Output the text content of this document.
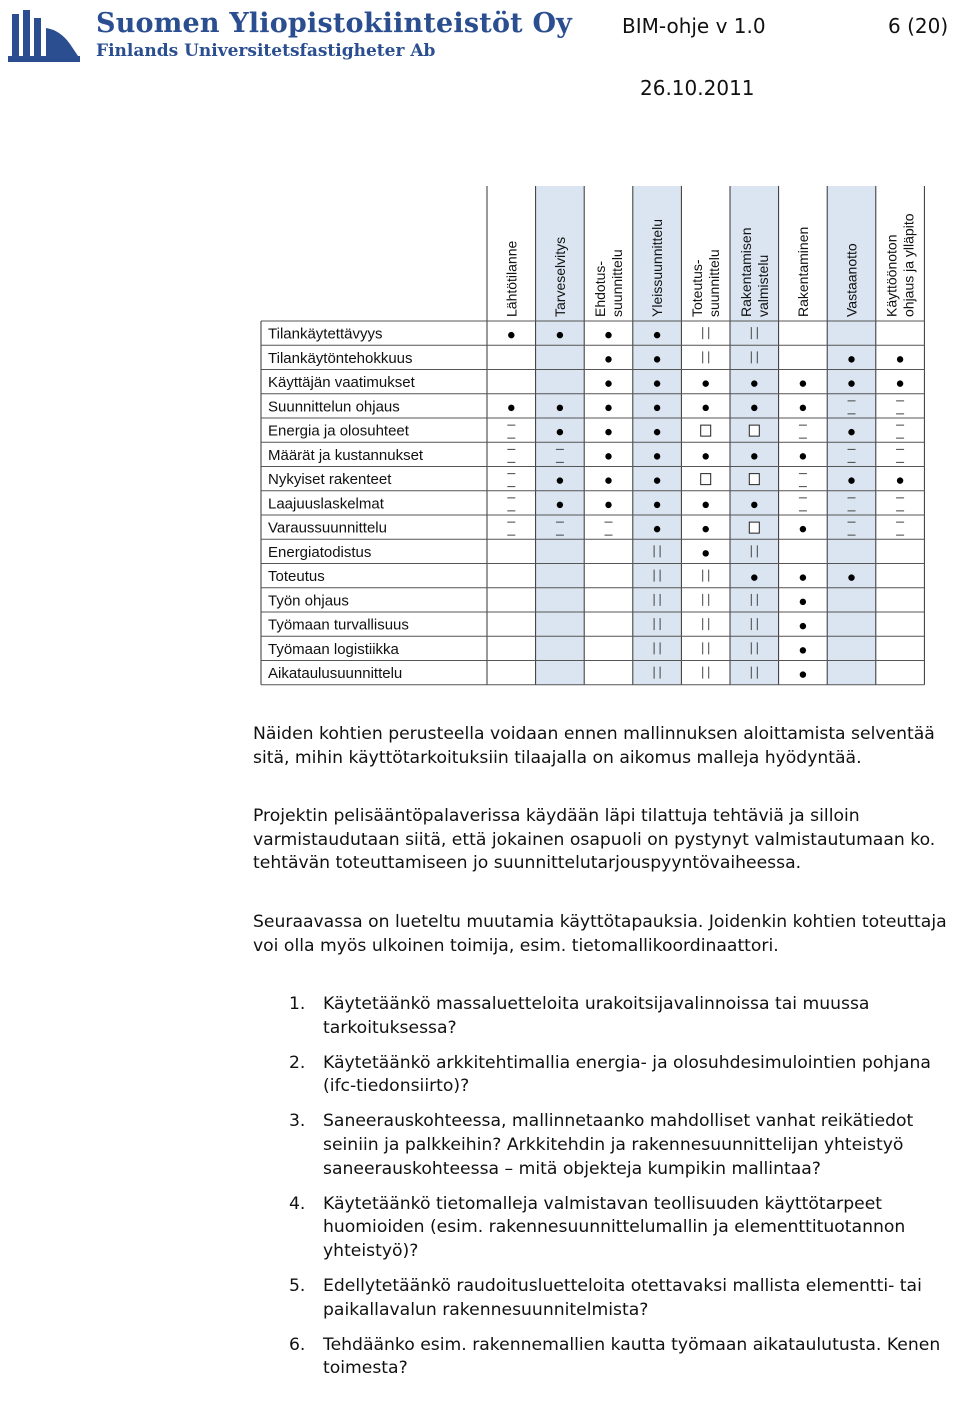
Suomen Yliopistokiinteistöt Oy
Finlands Universitetsfastigheter Ab
BIM-ohje v 1.0	6 (20)
26.10.2011
Lähtötilanne Tarveselvitys Ehdotus- suunnittelu Yleissuunnittelu Toteutus- suunnittelu Rakentamisen valmistelu Rakentaminen Vastaanotto Käyttöönoton ohjaus ja ylläpito
Tilankäytettävyys
Tilankäytöntehokkuus
Käyttäjän vaatimukset
Suunnittelun ohjaus
Energia ja olosuhteet
Määrät ja kustannukset
Nykyiset rakenteet
Laajuuslaskelmat
Varaussuunnittelu
Energiatodistus
Toteutus
Työn ohjaus
Työmaan turvallisuus
Työmaan logistiikka
Aikataulusuunnittelu

Näiden kohtien perusteella voidaan ennen mallinnuksen aloittamista selventää sitä, mihin käyttötarkoituksiin tilaajalla on aikomus malleja hyödyntää.

Projektin pelisääntöpalaverissa käydään läpi tilattuja tehtäviä ja silloin varmistaudutaan siitä, että jokainen osapuoli on pystynyt valmistautumaan ko. tehtävän toteuttamiseen jo suunnittelutarjouspyyntövaiheessa.

Seuraavassa on lueteltu muutamia käyttötapauksia. Joidenkin kohtien toteuttaja voi olla myös ulkoinen toimija, esim. tietomallikoordinaattori.

1. Käytetäänkö massaluetteloita urakoitsijavalinnoissa tai muussa tarkoituksessa?
2. Käytetäänkö arkkitehtimallia energia- ja olosuhdesimulointien pohjana (ifc-tiedonsiirto)?
3. Saneerauskohteessa, mallinnetaanko mahdolliset vanhat reikätiedot seiniin ja palkkeihin? Arkkitehdin ja rakennesuunnittelijan yhteistyö saneerauskohteessa – mitä objekteja kumpikin mallintaa?
4. Käytetäänkö tietomalleja valmistavan teollisuuden käyttötarpeet huomioiden (esim. rakennesuunnittelumallin ja elementtituotannon yhteistyö)?
5. Edellytetäänkö raudoitusluetteloita otettavaksi mallista elementti- tai paikallavalun rakennesuunnitelmista?
6. Tehdäänko esim. rakennemallien kautta työmaan aikataulutusta. Kenen toimesta?
